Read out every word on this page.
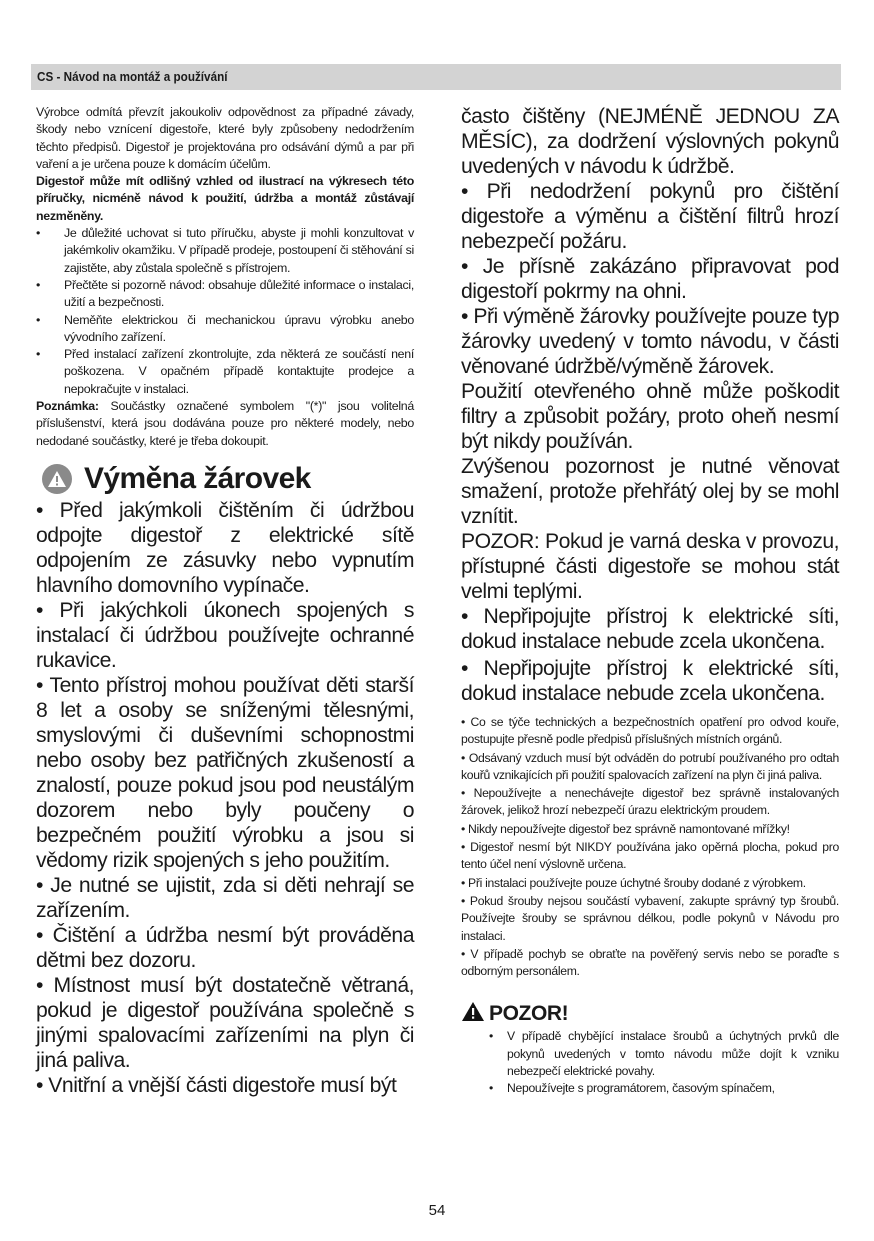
CS - Návod na montáž a používání

Výrobce odmítá převzít jakoukoliv odpovědnost za případné závady, škody nebo vznícení digestoře, které byly způsobeny nedodržením těchto předpisů. Digestoř je projektována pro odsávání dýmů a par při vaření a je určena pouze k domácím účelům.

Digestoř může mít odlišný vzhled od ilustrací na výkresech této příručky, nicméně návod k použití, údržba a montáž zůstávají nezměněny.

• Je důležité uchovat si tuto příručku, abyste ji mohli konzultovat v jakémkoliv okamžiku. V případě prodeje, postoupení či stěhování si zajistěte, aby zůstala společně s přístrojem.
• Přečtěte si pozorně návod: obsahuje důležité informace o instalaci, užití a bezpečnosti.
• Neměňte elektrickou či mechanickou úpravu výrobku anebo vývodního zařízení.
• Před instalací zařízení zkontrolujte, zda některá ze součástí není poškozena. V opačném případě kontaktujte prodejce a nepokračujte v instalaci.

Poznámka: Součástky označené symbolem "(*)" jsou volitelná příslušenství, která jsou dodávána pouze pro některé modely, nebo nedodané součástky, které je třeba dokoupit.

Výměna žárovek

• Před jakýmkoli čištěním či údržbou odpojte digestoř z elektrické sítě odpojením ze zásuvky nebo vypnutím hlavního domovního vypínače.

• Při jakýchkoli úkonech spojených s instalací či údržbou používejte ochranné rukavice.

• Tento přístroj mohou používat děti starší 8 let a osoby se sníženými tělesnými, smyslovými či duševními schopnostmi nebo osoby bez patřičných zkušeností a znalostí, pouze pokud jsou pod neustálým dozorem nebo byly poučeny o bezpečném použití výrobku a jsou si vědomy rizik spojených s jeho použitím.

• Je nutné se ujistit, zda si děti nehrají se zařízením.

• Čištění a údržba nesmí být prováděna dětmi bez dozoru.

• Místnost musí být dostatečně větraná, pokud je digestoř používána společně s jinými spalovacími zařízeními na plyn či jiná paliva.

• Vnitřní a vnější části digestoře musí být

často čištěny (NEJMÉNĚ JEDNOU ZA MĚSÍC), za dodržení výslovných pokynů uvedených v návodu k údržbě.

• Při nedodržení pokynů pro čištění digestoře a výměnu a čištění filtrů hrozí nebezpečí požáru.

• Je přísně zakázáno připravovat pod digestoří pokrmy na ohni.

• Při výměně žárovky používejte pouze typ žárovky uvedený v tomto návodu, v části věnované údržbě/výměně žárovek.

Použití otevřeného ohně může poškodit filtry a způsobit požáry, proto oheň nesmí být nikdy používán.

Zvýšenou pozornost je nutné věnovat smažení, protože přehřátý olej by se mohl vznítit.

POZOR: Pokud je varná deska v provozu, přístupné části digestoře se mohou stát velmi teplými.

• Nepřipojujte přístroj k elektrické síti, dokud instalace nebude zcela ukončena.

• Nepřipojujte přístroj k elektrické síti, dokud instalace nebude zcela ukončena.

• Co se týče technických a bezpečnostních opatření pro odvod kouře, postupujte přesně podle předpisů příslušných místních orgánů.

• Odsávaný vzduch musí být odváděn do potrubí používaného pro odtah kouřů vznikajících při použití spalovacích zařízení na plyn či jiná paliva.

• Nepoužívejte a nenechávejte digestoř bez správně instalovaných žárovek, jelikož hrozí nebezpečí úrazu elektrickým proudem.

• Nikdy nepoužívejte digestoř bez správně namontované mřížky!

• Digestoř nesmí být NIKDY používána jako opěrná plocha, pokud pro tento účel není výslovně určena.

• Při instalaci používejte pouze úchytné šrouby dodané z výrobkem.

• Pokud šrouby nejsou součástí vybavení, zakupte správný typ šroubů. Používejte šrouby se správnou délkou, podle pokynů v Návodu pro instalaci.

• V případě pochyb se obraťte na pověřený servis nebo se poraďte s odborným personálem.

POZOR!
• V případě chybějící instalace šroubů a úchytných prvků dle pokynů uvedených v tomto návodu může dojít k vzniku nebezpečí elektrické povahy.
• Nepoužívejte s programátorem, časovým spínačem,
54
